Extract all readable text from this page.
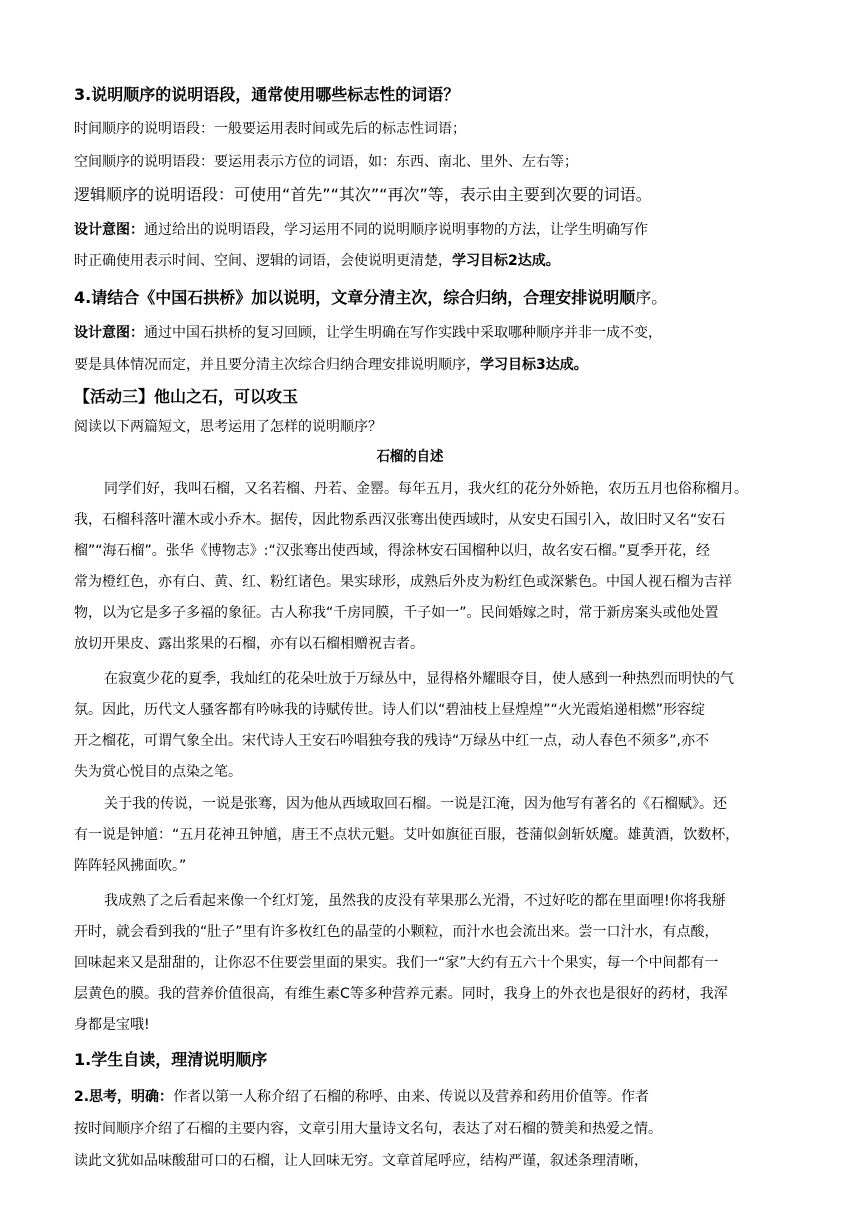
3.说明顺序的说明语段，通常使用哪些标志性的词语？
时间顺序的说明语段：一般要运用表时间或先后的标志性词语；
空间顺序的说明语段：要运用表示方位的词语，如：东西、南北、里外、左右等；
逻辑顺序的说明语段：可使用“首先”“其次”“再次”等，表示由主要到次要的词语。
设计意图：通过给出的说明语段，学习运用不同的说明顺序说明事物的方法，让学生明确写作
时正确使用表示时间、空间、逻辑的词语，会使说明更清楚，学习目标2达成。
4.请结合《中国石拱桥》加以说明，文章分清主次，综合归纳，合理安排说明顺序。
设计意图：通过中国石拱桥的复习回顾，让学生明确在写作实践中采取哪种顺序并非一成不变，
要是具体情况而定，并且要分清主次综合归纳合理安排说明顺序，学习目标3达成。
【活动三】他山之石，可以攻玉
阅读以下两篇短文，思考运用了怎样的说明顺序？
石榴的自述
同学们好，我叫石榴，又名若榴、丹若、金罂。每年五月，我火红的花分外娇艳，农历五月也俗称榴月。
我，石榴科落叶灌木或小乔木。据传，因此物系西汉张骞出使西域时，从安史石国引入，故旧时又名“安石
榴”“海石榴”。张华《博物志》:“汉张骞出使西域，得涂林安石国榴种以归，故名安石榴。”夏季开花，经
常为橙红色，亦有白、黄、红、粉红诸色。果实球形，成熟后外皮为粉红色或深紫色。中国人视石榴为吉祥
物，以为它是多子多福的象征。古人称我“千房同膜，千子如一”。民间婚嫁之时，常于新房案头或他处置
放切开果皮、露出浆果的石榴，亦有以石榴相赠祝吉者。
在寂寞少花的夏季，我灿红的花朵吐放于万绿丛中，显得格外耀眼夺目，使人感到一种热烈而明快的气
氛。因此，历代文人骚客都有吟咏我的诗赋传世。诗人们以“碧油枝上昼煌煌”“火光霞焰递相燃”形容绽
开之榴花，可谓气象全出。宋代诗人王安石吟唱独夸我的残诗“万绿丛中红一点，动人春色不须多”,亦不
失为赏心悦目的点染之笔。
关于我的传说，一说是张骞，因为他从西域取回石榴。一说是江淹，因为他写有著名的《石榴赋》。还
有一说是钟馗：“五月花神丑钟馗，唐王不点状元魁。艾叶如旗征百服，苍蒲似剑斩妖魔。雄黄酒，饮数杯，
阵阵轻风拂面吹。”
我成熟了之后看起来像一个红灯笼，虽然我的皮没有苹果那么光滑，不过好吃的都在里面哩!你将我掰
开时，就会看到我的“肚子”里有许多枚红色的晶莹的小颗粒，而汁水也会流出来。尝一口汁水，有点酸，
回味起来又是甜甜的，让你忍不住要尝里面的果实。我们一“家”大约有五六十个果实，每一个中间都有一
层黄色的膜。我的营养价值很高，有维生素C等多种营养元素。同时，我身上的外衣也是很好的药材，我浑
身都是宝哦!
1.学生自读，理清说明顺序
2.思考，明确：作者以第一人称介绍了石榴的称呼、由来、传说以及营养和药用价值等。作者
按时间顺序介绍了石榴的主要内容，文章引用大量诗文名句，表达了对石榴的赞美和热爱之情。
读此文犹如品味酸甜可口的石榴，让人回味无穷。文章首尾呼应，结构严谨，叙述条理清晰，
